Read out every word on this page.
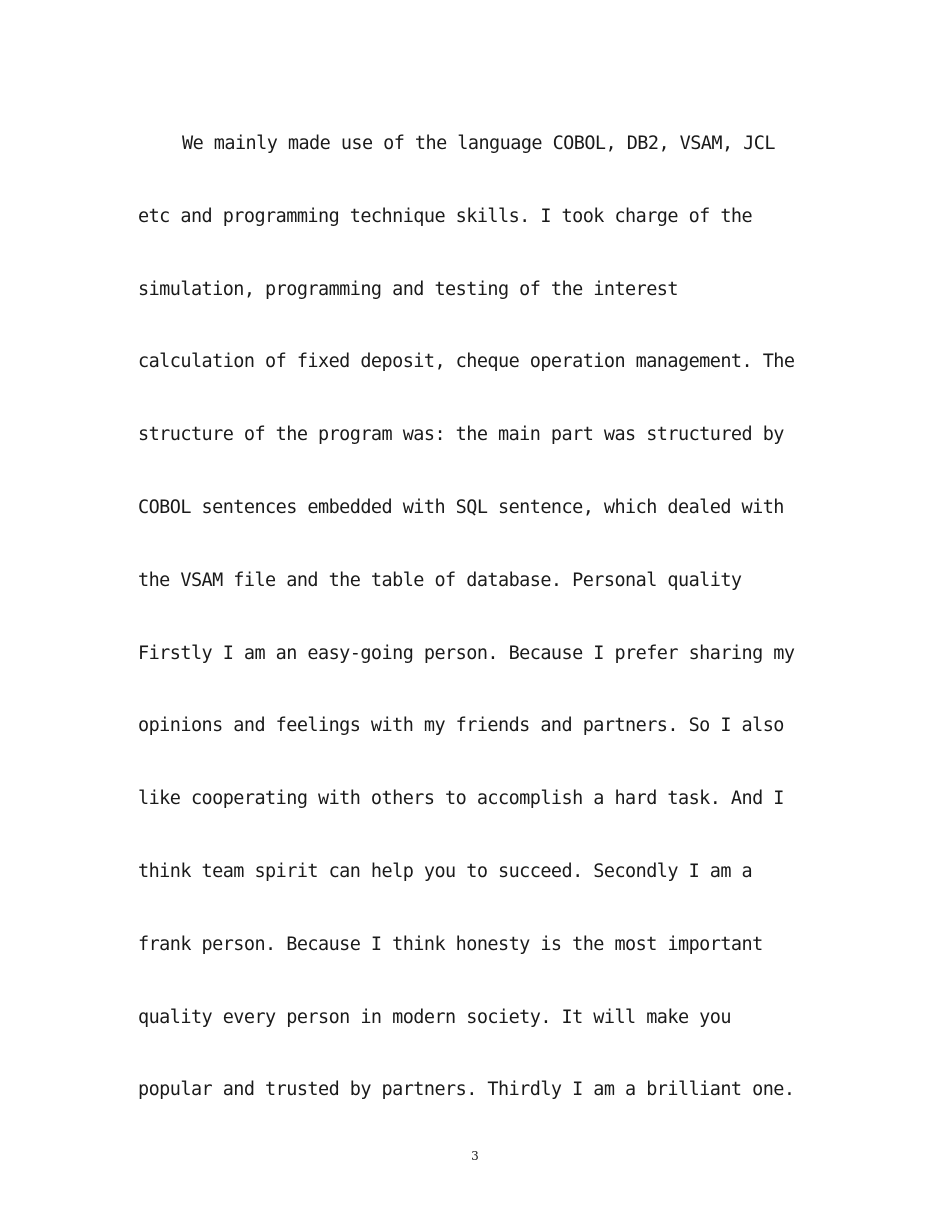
We mainly made use of the language COBOL, DB2, VSAM, JCL
etc and programming technique skills. I took charge of the
simulation, programming and testing of the interest
calculation of fixed deposit, cheque operation management. The
structure of the program was: the main part was structured by
COBOL sentences embedded with SQL sentence, which dealed with
the VSAM file and the table of database. Personal quality
Firstly I am an easy-going person. Because I prefer sharing my
opinions and feelings with my friends and partners. So I also
like cooperating with others to accomplish a hard task. And I
think team spirit can help you to succeed. Secondly I am a
frank person. Because I think honesty is the most important
quality every person in modern society. It will make you
popular and trusted by partners. Thirdly I am a brilliant one.
3
